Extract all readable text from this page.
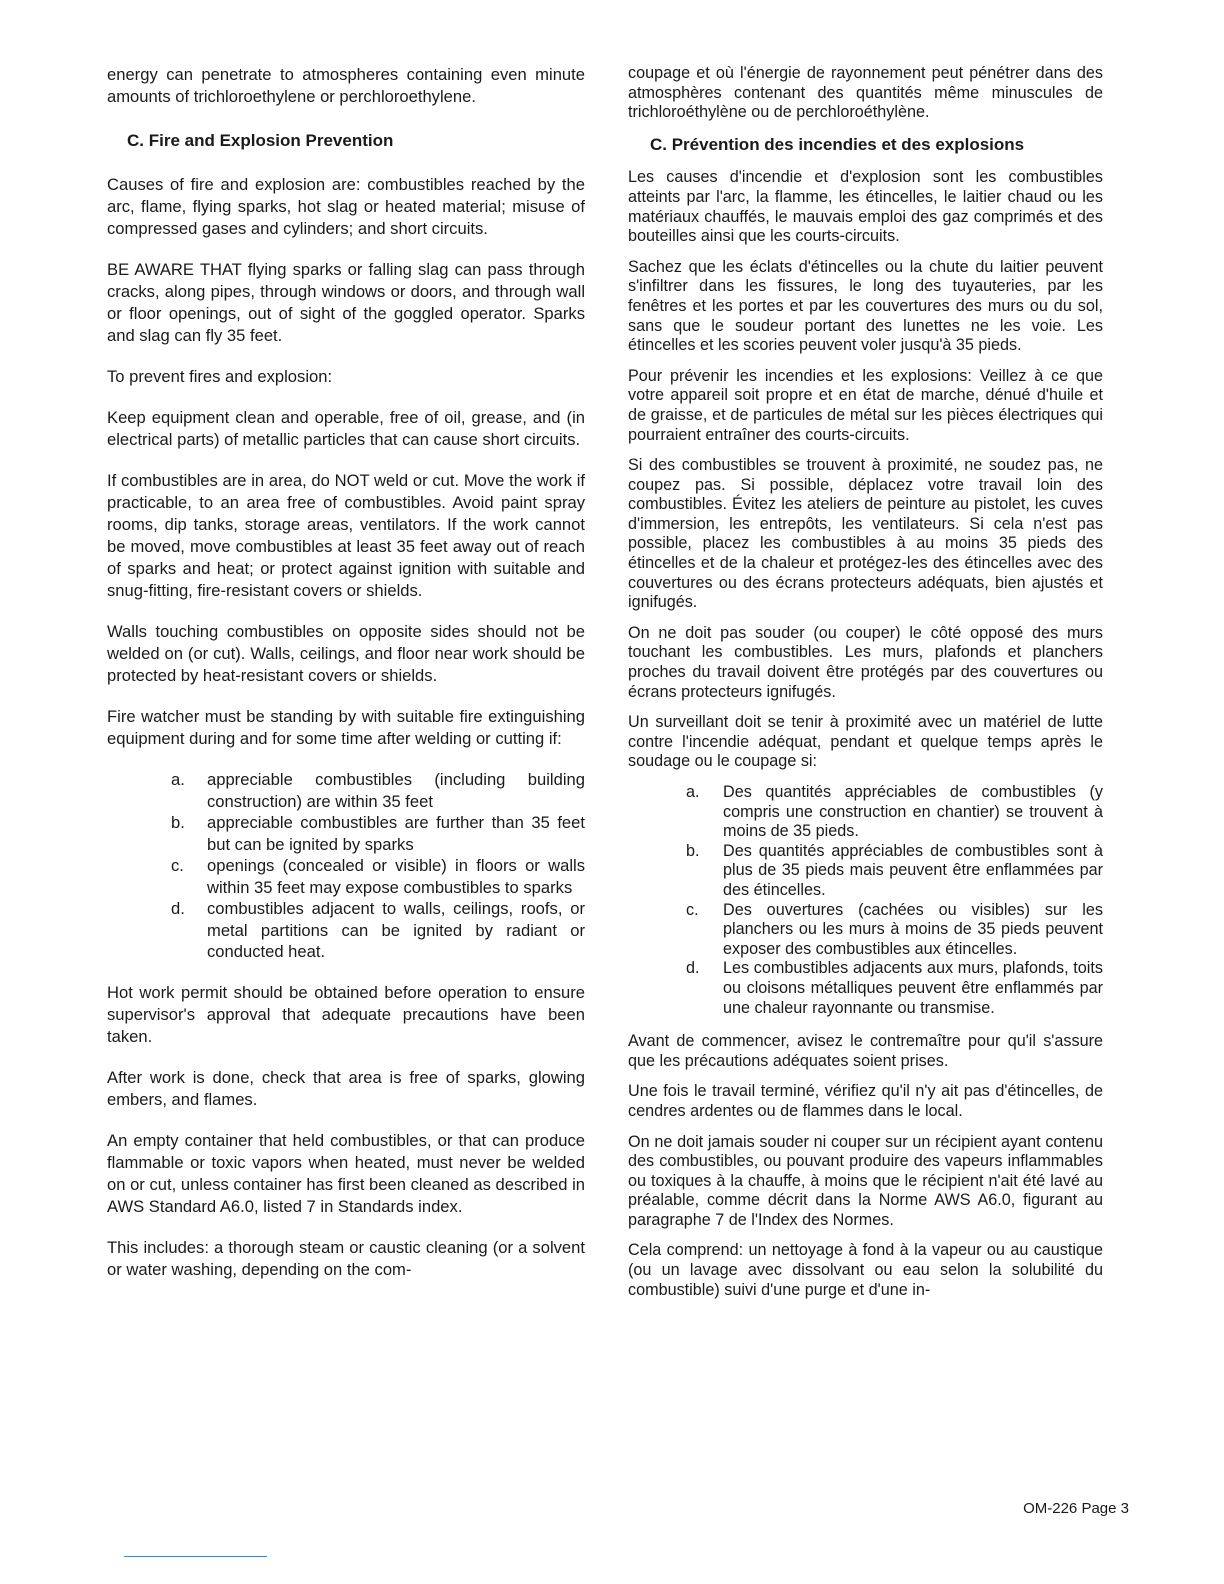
energy can penetrate to atmospheres containing even minute amounts of trichloroethylene or perchloroethylene.

C. Fire and Explosion Prevention

Causes of fire and explosion are: combustibles reached by the arc, flame, flying sparks, hot slag or heated material; misuse of compressed gases and cylinders; and short circuits.

BE AWARE THAT flying sparks or falling slag can pass through cracks, along pipes, through windows or doors, and through wall or floor openings, out of sight of the goggled operator. Sparks and slag can fly 35 feet.

To prevent fires and explosion:

Keep equipment clean and operable, free of oil, grease, and (in electrical parts) of metallic particles that can cause short circuits.

If combustibles are in area, do NOT weld or cut. Move the work if practicable, to an area free of combustibles. Avoid paint spray rooms, dip tanks, storage areas, ventilators. If the work cannot be moved, move combustibles at least 35 feet away out of reach of sparks and heat; or protect against ignition with suitable and snug-fitting, fire-resistant covers or shields.

Walls touching combustibles on opposite sides should not be welded on (or cut). Walls, ceilings, and floor near work should be protected by heat-resistant covers or shields.

Fire watcher must be standing by with suitable fire extinguishing equipment during and for some time after welding or cutting if:

a.	appreciable combustibles (including building construction) are within 35 feet
b.	appreciable combustibles are further than 35 feet but can be ignited by sparks
c.	openings (concealed or visible) in floors or walls within 35 feet may expose combustibles to sparks
d.	combustibles adjacent to walls, ceilings, roofs, or metal partitions can be ignited by radiant or conducted heat.

Hot work permit should be obtained before operation to ensure supervisor's approval that adequate precautions have been taken.

After work is done, check that area is free of sparks, glowing embers, and flames.

An empty container that held combustibles, or that can produce flammable or toxic vapors when heated, must never be welded on or cut, unless container has first been cleaned as described in AWS Standard A6.0, listed 7 in Standards index.

This includes: a thorough steam or caustic cleaning (or a solvent or water washing, depending on the com-

coupage et où l'énergie de rayonnement peut pénétrer dans des atmosphères contenant des quantités même minuscules de trichloroéthylène ou de perchloroéthylène.

C. Prévention des incendies et des explosions

Les causes d'incendie et d'explosion sont les combustibles atteints par l'arc, la flamme, les étincelles, le laitier chaud ou les matériaux chauffés, le mauvais emploi des gaz comprimés et des bouteilles ainsi que les courts-circuits.

Sachez que les éclats d'étincelles ou la chute du laitier peuvent s'infiltrer dans les fissures, le long des tuyauteries, par les fenêtres et les portes et par les couvertures des murs ou du sol, sans que le soudeur portant des lunettes ne les voie. Les étincelles et les scories peuvent voler jusqu'à 35 pieds.

Pour prévenir les incendies et les explosions: Veillez à ce que votre appareil soit propre et en état de marche, dénué d'huile et de graisse, et de particules de métal sur les pièces électriques qui pourraient entraîner des courts-circuits.

Si des combustibles se trouvent à proximité, ne soudez pas, ne coupez pas. Si possible, déplacez votre travail loin des combustibles. Évitez les ateliers de peinture au pistolet, les cuves d'immersion, les entrepôts, les ventilateurs. Si cela n'est pas possible, placez les combustibles à au moins 35 pieds des étincelles et de la chaleur et protégez-les des étincelles avec des couvertures ou des écrans protecteurs adéquats, bien ajustés et ignifugés.

On ne doit pas souder (ou couper) le côté opposé des murs touchant les combustibles. Les murs, plafonds et planchers proches du travail doivent être protégés par des couvertures ou écrans protecteurs ignifugés.

Un surveillant doit se tenir à proximité avec un matériel de lutte contre l'incendie adéquat, pendant et quelque temps après le soudage ou le coupage si:

a.	Des quantités appréciables de combustibles (y compris une construction en chantier) se trouvent à moins de 35 pieds.
b.	Des quantités appréciables de combustibles sont à plus de 35 pieds mais peuvent être enflammées par des étincelles.
c.	Des ouvertures (cachées ou visibles) sur les planchers ou les murs à moins de 35 pieds peuvent exposer des combustibles aux étincelles.
d.	Les combustibles adjacents aux murs, plafonds, toits ou cloisons métalliques peuvent être enflammés par une chaleur rayonnante ou transmise.

Avant de commencer, avisez le contremaître pour qu'il s'assure que les précautions adéquates soient prises.

Une fois le travail terminé, vérifiez qu'il n'y ait pas d'étincelles, de cendres ardentes ou de flammes dans le local.

On ne doit jamais souder ni couper sur un récipient ayant contenu des combustibles, ou pouvant produire des vapeurs inflammables ou toxiques à la chauffe, à moins que le récipient n'ait été lavé au préalable, comme décrit dans la Norme AWS A6.0, figurant au paragraphe 7 de l'Index des Normes.

Cela comprend: un nettoyage à fond à la vapeur ou au caustique (ou un lavage avec dissolvant ou eau selon la solubilité du combustible) suivi d'une purge et d'une in-

OM-226 Page 3
